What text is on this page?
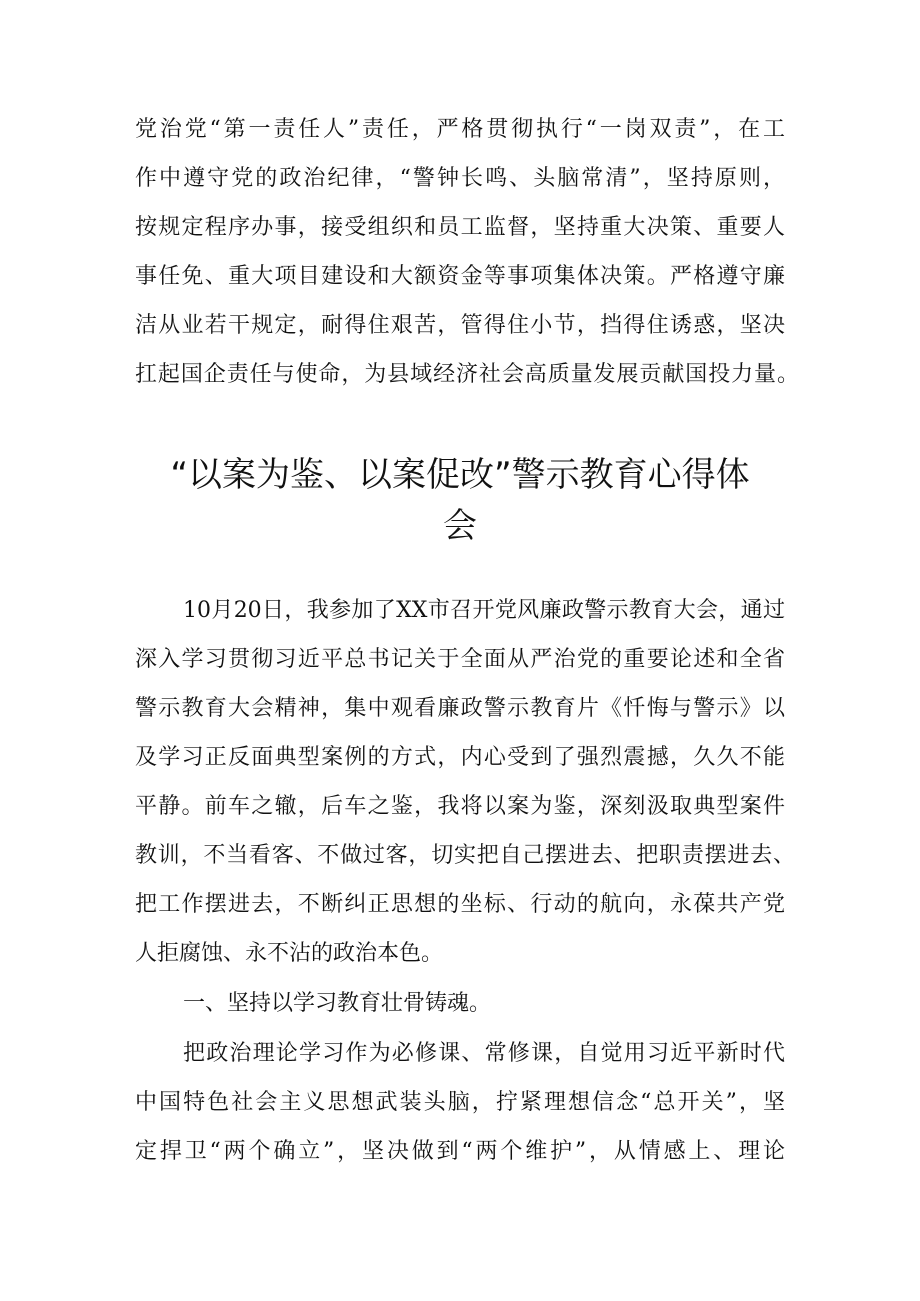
党治党“第一责任人”责任，严格贯彻执行“一岗双责”，在工
作中遵守党的政治纪律，“警钟长鸣、头脑常清”，坚持原则，
按规定程序办事，接受组织和员工监督，坚持重大决策、重要人
事任免、重大项目建设和大额资金等事项集体决策。严格遵守廉
洁从业若干规定，耐得住艰苦，管得住小节，挡得住诱惑，坚决
扛起国企责任与使命，为县域经济社会高质量发展贡献国投力量。
“以案为鉴、以案促改”警示教育心得体
会
10月20日，我参加了XX市召开党风廉政警示教育大会，通过
深入学习贯彻习近平总书记关于全面从严治党的重要论述和全省
警示教育大会精神，集中观看廉政警示教育片《忏悔与警示》以
及学习正反面典型案例的方式，内心受到了强烈震撼，久久不能
平静。前车之辙，后车之鉴，我将以案为鉴，深刻汲取典型案件
教训，不当看客、不做过客，切实把自己摆进去、把职责摆进去、
把工作摆进去，不断纠正思想的坐标、行动的航向，永葆共产党
人拒腐蚀、永不沾的政治本色。
一、坚持以学习教育壮骨铸魂。
把政治理论学习作为必修课、常修课，自觉用习近平新时代
中国特色社会主义思想武装头脑，拧紧理想信念“总开关”，坚
定捍卫“两个确立”，坚决做到“两个维护”，从情感上、理论
